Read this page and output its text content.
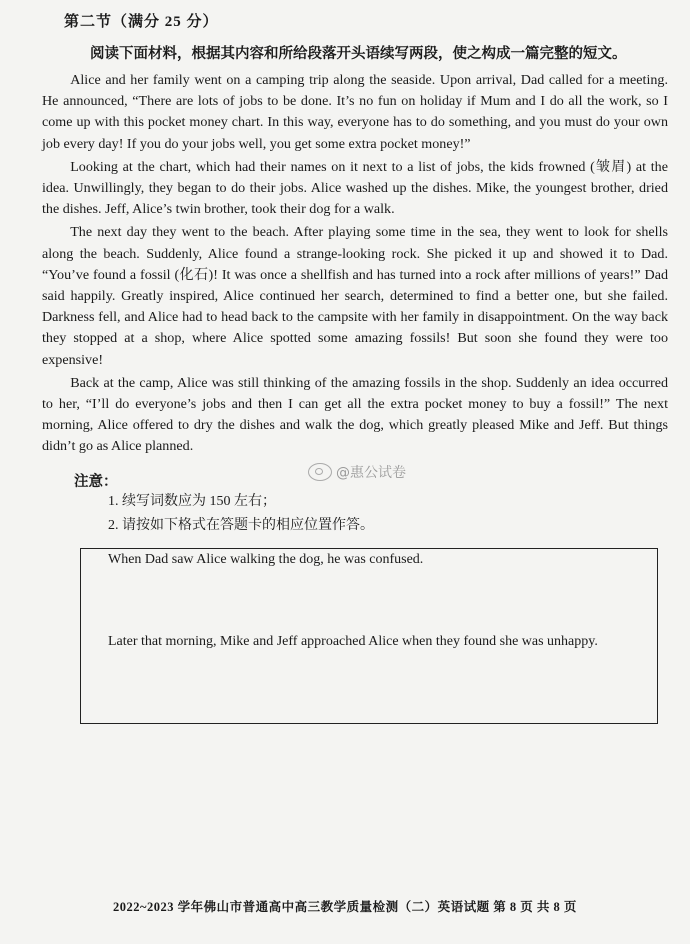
第二节（满分 25 分）
阅读下面材料，根据其内容和所给段落开头语续写两段，使之构成一篇完整的短文。

Alice and her family went on a camping trip along the seaside. Upon arrival, Dad called for a meeting. He announced, “There are lots of jobs to be done. It’s no fun on holiday if Mum and I do all the work, so I come up with this pocket money chart. In this way, everyone has to do something, and you must do your own job every day! If you do your jobs well, you get some extra pocket money!”

Looking at the chart, which had their names on it next to a list of jobs, the kids frowned (皱眉) at the idea. Unwillingly, they began to do their jobs. Alice washed up the dishes. Mike, the youngest brother, dried the dishes. Jeff, Alice’s twin brother, took their dog for a walk.

The next day they went to the beach. After playing some time in the sea, they went to look for shells along the beach. Suddenly, Alice found a strange-looking rock. She picked it up and showed it to Dad. “You’ve found a fossil (化石)! It was once a shellfish and has turned into a rock after millions of years!” Dad said happily. Greatly inspired, Alice continued her search, determined to find a better one, but she failed. Darkness fell, and Alice had to head back to the campsite with her family in disappointment. On the way back they stopped at a shop, where Alice spotted some amazing fossils! But soon she found they were too expensive!

Back at the camp, Alice was still thinking of the amazing fossils in the shop. Suddenly an idea occurred to her, “I’ll do everyone’s jobs and then I can get all the extra pocket money to buy a fossil!” The next morning, Alice offered to dry the dishes and walk the dog, which greatly pleased Mike and Jeff. But things didn’t go as Alice planned.

注意：
@惠公试卷
1. 续写词数应为 150 左右；
2. 请按如下格式在答题卡的相应位置作答。
When Dad saw Alice walking the dog, he was confused.
Later that morning, Mike and Jeff approached Alice when they found she was unhappy.
2022~2023 学年佛山市普通高中高三教学质量检测（二）英语试题 第 8 页 共 8 页
